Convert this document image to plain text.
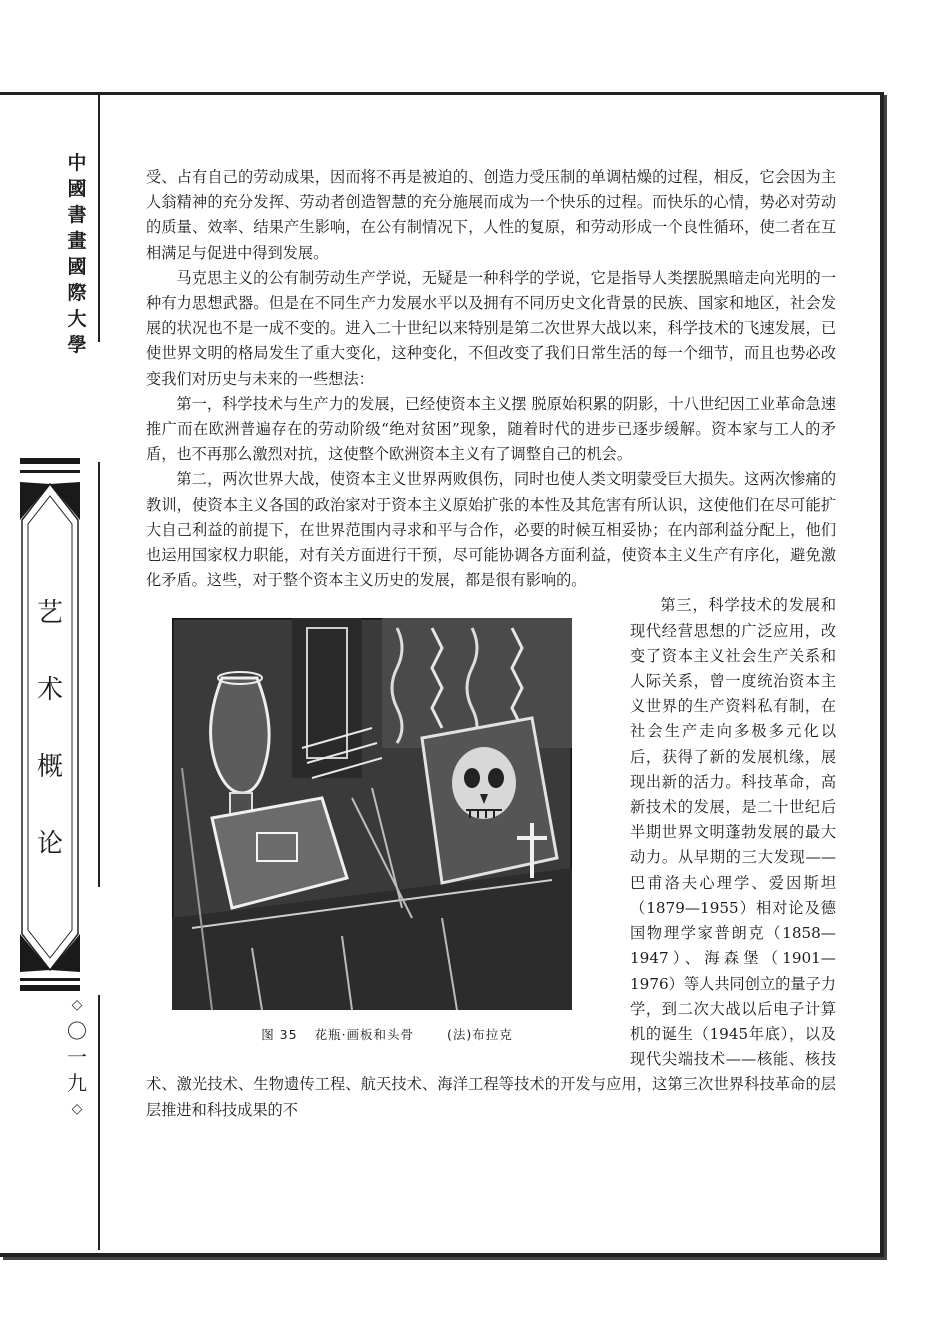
中
國
書
畫
國
際
大
學
艺
术
概
论
◇
〇
一
九
◇

受、占有自己的劳动成果，因而将不再是被迫的、创造力受压制的单调枯燥的过程，相反，它会因为主人翁精神的充分发挥、劳动者创造智慧的充分施展而成为一个快乐的过程。而快乐的心情，势必对劳动的质量、效率、结果产生影响，在公有制情况下，人性的复原，和劳动形成一个良性循环，使二者在互相满足与促进中得到发展。

马克思主义的公有制劳动生产学说，无疑是一种科学的学说，它是指导人类摆脱黑暗走向光明的一种有力思想武器。但是在不同生产力发展水平以及拥有不同历史文化背景的民族、国家和地区，社会发展的状况也不是一成不变的。进入二十世纪以来特别是第二次世界大战以来，科学技术的飞速发展，已使世界文明的格局发生了重大变化，这种变化，不但改变了我们日常生活的每一个细节，而且也势必改变我们对历史与未来的一些想法：

第一，科学技术与生产力的发展，已经使资本主义摆 脱原始积累的阴影，十八世纪因工业革命急速推广而在欧洲普遍存在的劳动阶级“绝对贫困”现象，随着时代的进步已逐步缓解。资本家与工人的矛盾，也不再那么激烈对抗，这使整个欧洲资本主义有了调整自己的机会。

第二，两次世界大战，使资本主义世界两败俱伤，同时也使人类文明蒙受巨大损失。这两次惨痛的教训，使资本主义各国的政治家对于资本主义原始扩张的本性及其危害有所认识，这使他们在尽可能扩大自己利益的前提下，在世界范围内寻求和平与合作，必要的时候互相妥协；在内部利益分配上，他们也运用国家权力职能，对有关方面进行干预，尽可能协调各方面利益，使资本主义生产有序化，避免激化矛盾。这些，对于整个资本主义历史的发展，都是很有影响的。

图 35 花瓶·画板和头骨	(法)布拉克

第三，科学技术的发展和现代经营思想的广泛应用，改变了资本主义社会生产关系和人际关系，曾一度统治资本主义世界的生产资料私有制，在社会生产走向多极多元化以后，获得了新的发展机缘，展现出新的活力。科技革命，高新技术的发展，是二十世纪后半期世界文明蓬勃发展的最大动力。从早期的三大发现——巴甫洛夫心理学、爱因斯坦（1879—1955）相对论及德国物理学家普朗克（1858—1947）、海森堡（1901—1976）等人共同创立的量子力学，到二次大战以后电子计算机的诞生（1945年底），以及现代尖端技术——核能、核技术、激光技术、生物遗传工程、航天技术、海洋工程等技术的开发与应用，这第三次世界科技革命的层层推进和科技成果的不
